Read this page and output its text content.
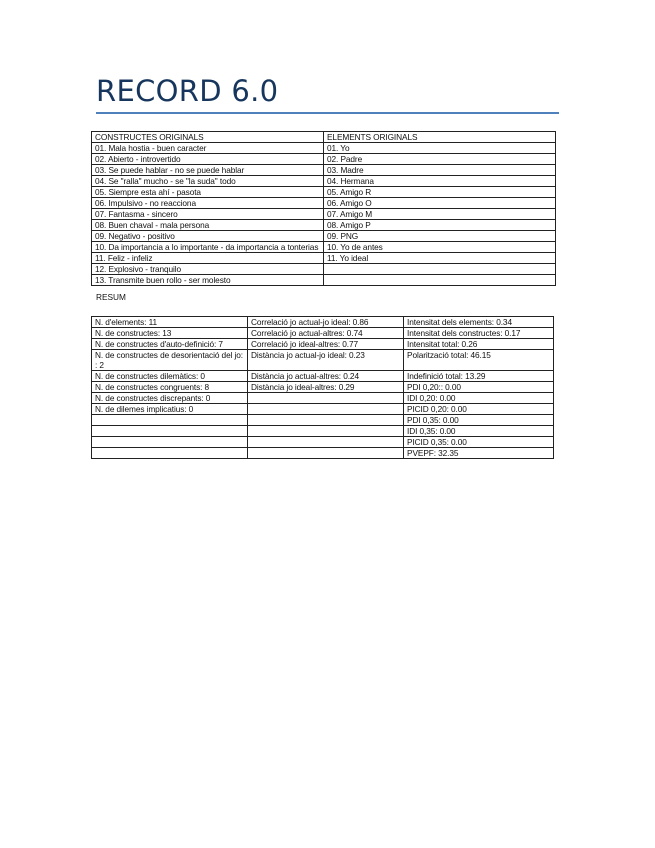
RECORD 6.0
CONSTRUCTES ORIGINALS	ELEMENTS ORIGINALS
01. Mala hostia - buen caracter	01. Yo
02. Abierto - introvertido	02. Padre
03. Se puede hablar - no se puede hablar	03. Madre
04. Se "ralla" mucho - se "la suda" todo	04. Hermana
05. Siempre esta ahí - pasota	05. Amigo R
06. Impulsivo - no reacciona	06. Amigo O
07. Fantasma - sincero	07. Amigo M
08. Buen chaval - mala persona	08. Amigo P
09. Negativo - positivo	09. PNG
10. Da importancia a lo importante - da importancia a tonterias	10. Yo de antes
11. Feliz - infeliz	11. Yo ideal
12. Explosivo - tranquilo	
13. Transmite buen rollo - ser molesto	
RESUM
N. d'elements: 11	Correlació jo actual-jo ideal: 0.86	Intensitat dels elements: 0.34
N. de constructes: 13	Correlació jo actual-altres: 0.74	Intensitat dels constructes: 0.17
N. de constructes d'auto-definició: 7	Correlació jo ideal-altres: 0.77	Intensitat total: 0.26
N. de constructes de desorientació del jo: : 2	Distància jo actual-jo ideal: 0.23	Polarització total: 46.15
N. de constructes dilemàtics: 0	Distància jo actual-altres: 0.24	Indefinició total: 13.29
N. de constructes congruents: 8	Distància jo ideal-altres: 0.29	PDI 0,20:: 0.00
N. de constructes discrepants: 0		IDI 0,20: 0.00
N. de dilemes implicatius: 0		PICID 0,20: 0.00
		PDI 0,35: 0.00
		IDI 0,35: 0.00
		PICID 0,35: 0.00
		PVEPF: 32.35
